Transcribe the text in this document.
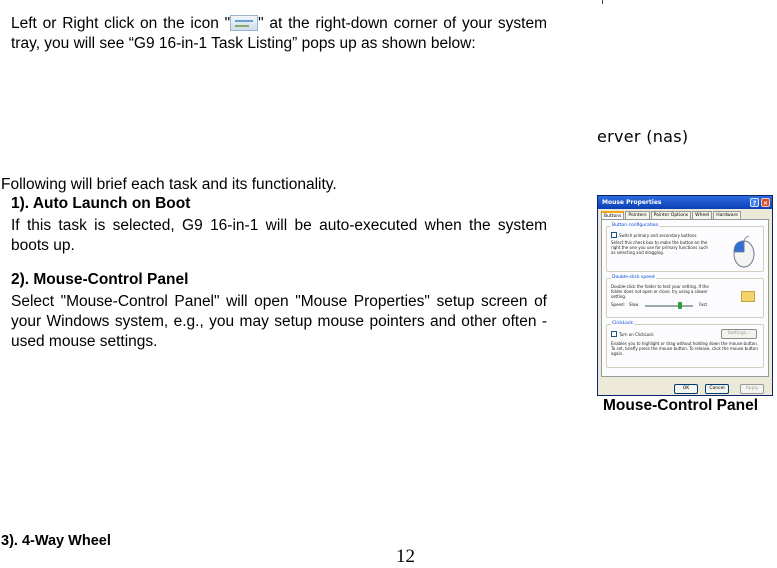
Left or Right click on the icon " " at the right-down corner of your system tray, you will see “G9 16-in-1 Task Listing” pops up as shown below:
erver (nas)
Following will brief each task and its functionality.
1). Auto Launch on Boot
If this task is selected, G9 16-in-1 will be auto-executed when the system boots up.
2). Mouse-Control Panel
Select "Mouse-Control Panel" will open "Mouse Properties" setup screen of your Windows system, e.g., you may setup mouse pointers and other often -used mouse settings.
Mouse Properties	?	×
Buttons	Pointers	Pointer Options	Wheel	Hardware
Button configuration
Switch primary and secondary buttons
Select this check box to make the button on the right the one you use for primary functions such as selecting and dragging.
Double-click speed
Double-click the folder to test your setting. If the folder does not open or close, try using a slower setting.
Speed: Slow	Fast
ClickLock
Turn on ClickLock	Settings...
Enables you to highlight or drag without holding down the mouse button. To set, briefly press the mouse button. To release, click the mouse button again.
OK	Cancel	Apply
Mouse-Control Panel
3). 4-Way Wheel
12
